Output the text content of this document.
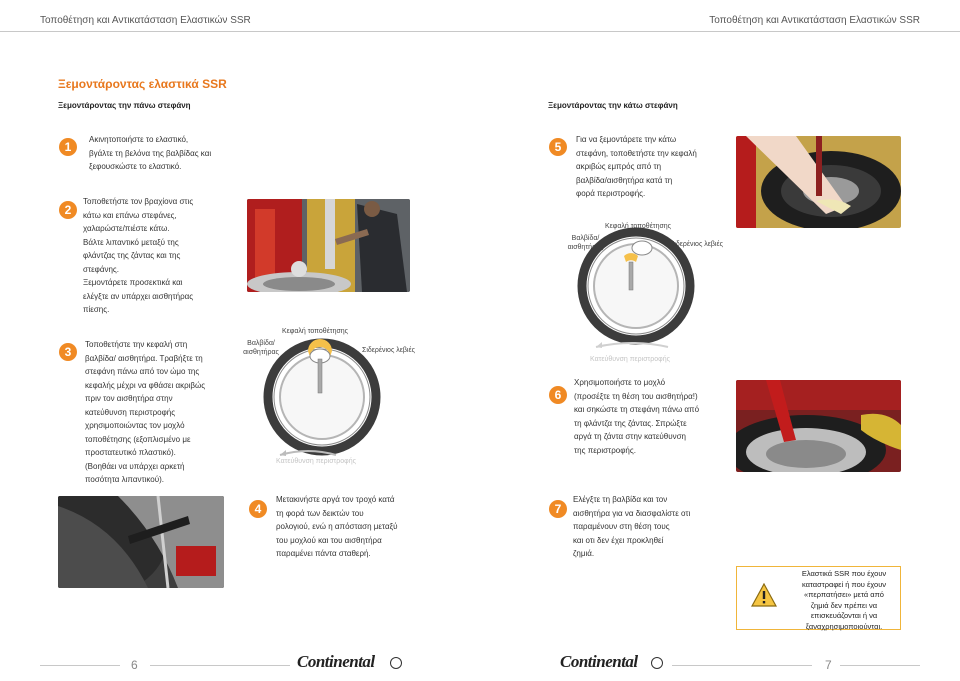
Τοποθέτηση και Αντικατάσταση Ελαστικών SSR	Τοποθέτηση και Αντικατάσταση Ελαστικών SSR
Ξεμοντάροντας ελαστικά SSR
Ξεμοντάροντας την πάνω στεφάνη	Ξεμοντάροντας την κάτω στεφάνη
1
Ακινητοποιήστε το ελαστικό,
βγάλτε τη βελόνα της βαλβίδας και
ξεφουσκώστε το ελαστικό.
2
Τοποθετήστε τον βραχίονα στις
κάτω και επάνω στεφάνες,
χαλαρώστε/πιέστε κάτω.
Βάλτε λιπαντικό μεταξύ της
φλάντζας της ζάντας και της
στεφάνης.
Ξεμοντάρετε προσεκτικά και
ελέγξτε αν υπάρχει αισθητήρας
πίεσης.
3
Τοποθετήστε την κεφαλή στη
βαλβίδα/ αισθητήρα. Τραβήξτε τη
στεφάνη πάνω από τον ώμο της
κεφαλής μέχρι να φθάσει ακριβώς
πριν τον αισθητήρα στην
κατεύθυνση περιστροφής
χρησιμοποιώντας τον μοχλό
τοποθέτησης (εξοπλισμένο με
προστατευτικό πλαστικό).
(Βοηθάει να υπάρχει αρκετή
ποσότητα λιπαντικού).
Κεφαλή τοποθέτησης
Βαλβίδα/
αισθητήρας	Σιδερένιος λεβιές
Κατεύθυνση περιστροφής
4
Μετακινήστε αργά τον τροχό κατά
τη φορά των δεικτών του
ρολογιού, ενώ η απόσταση μεταξύ
του μοχλού και του αισθητήρα
παραμένει πάντα σταθερή.
5
Για να ξεμοντάρετε την κάτω
στεφάνη, τοποθετήστε την κεφαλή
ακριβώς εμπρός από τη
βαλβίδα/αισθητήρα κατά τη
φορά περιστροφής.
Κεφαλή τοποθέτησης
Βαλβίδα/
αισθητήρας	Σιδερένιος λεβιές
Κατεύθυνση περιστροφής
6
Χρησιμοποιήστε το μοχλό
(προσέξτε τη θέση του αισθητήρα!)
και σηκώστε τη στεφάνη πάνω από
τη φλάντζα της ζάντας. Σπρώξτε
αργά τη ζάντα στην κατεύθυνση
της περιστροφής.
7
Ελέγξτε τη βαλβίδα και τον
αισθητήρα για να διασφαλίστε οτι
παραμένουν στη θέση τους
και οτι δεν έχει προκληθεί
ζημιά.
Ελαστικά SSR που έχουν
καταστραφεί ή που έχουν
«περπατήσει» μετά από
ζημιά δεν πρέπει να
επισκευάζονται ή να
ξαναχρησιμοποιούνται.
6	Continental	Continental	7
